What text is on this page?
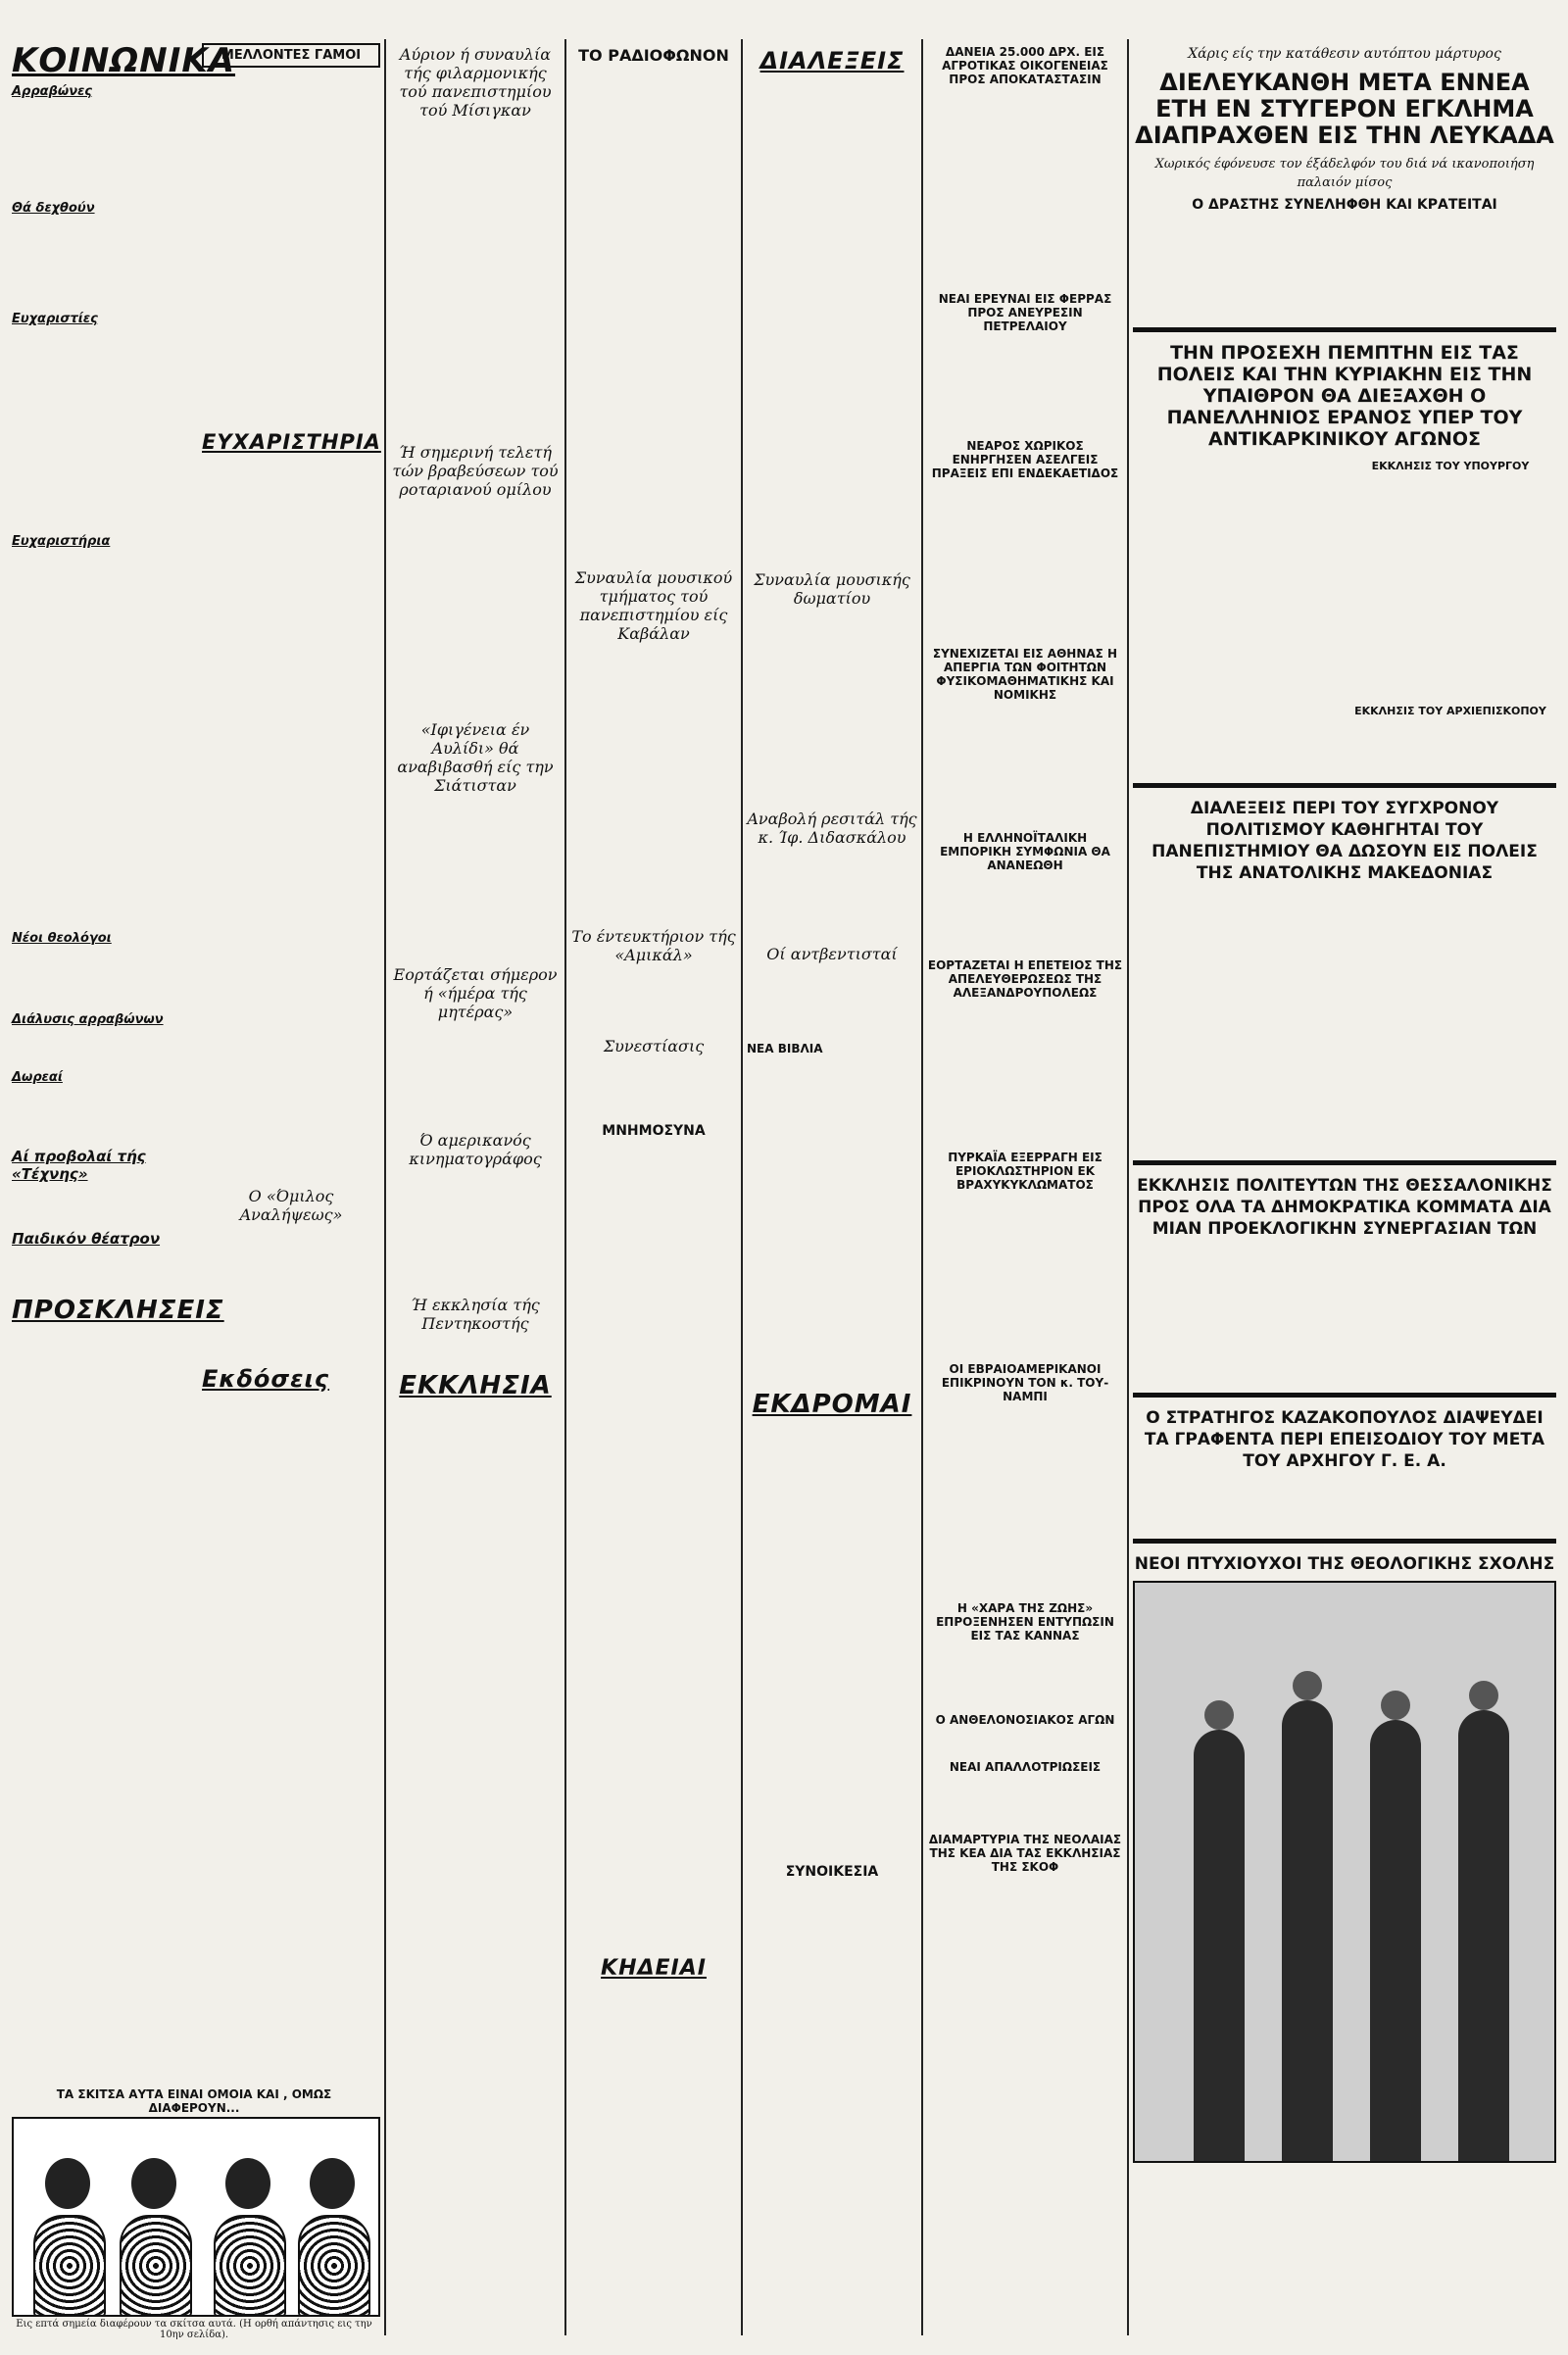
ΚΟΙΝΩΝΙΚΑ
Αρραβώνες
Θά δεχθούν
Ευχαριστίες
Ευχαριστήρια
Νέοι θεολόγοι
Διάλυσις αρραβώνων
Δωρεαί
Αί προβολαί τής «Τέχνης»
Παιδικόν θέατρον
ΠΡΟΣΚΛΗΣΕΙΣ
ΜΕΛΛΟΝΤΕΣ ΓΑΜΟΙ
ΕΥΧΑΡΙΣΤΗΡΙΑ
Ο «Όμιλος Αναλήψεως»
Εκδόσεις
ΤΑ ΣΚΙΤΣΑ ΑΥΤΑ ΕΙΝΑΙ ΟΜΟΙΑ ΚΑΙ , ΟΜΩΣ ΔΙΑΦΕΡΟΥΝ...
Εις επτά σημεία διαφέρουν τα σκίτσα αυτά. (Η ορθή απάντησις εις την 10ην σελίδα).
Αύριον ή συναυλία τής φιλαρμονικής τού πανεπιστημίου τού Μίσιγκαν
Ή σημερινή τελετή τών βραβεύσεων τού ροταριανού ομίλου
«Ιφιγένεια έν Αυλίδι» θά αναβιβασθή είς την Σιάτισταν
Εορτάζεται σήμερον ή «ήμέρα τής μητέρας»
Ό αμερικανός κινηματογράφος
Ή εκκλησία τής Πεντηκοστής
ΕΚΚΛΗΣΙΑ
ΤΟ ΡΑΔΙΟΦΩΝΟΝ
Συναυλία μουσικού τμήματος τού πανεπιστημίου είς Καβάλαν
Το έντευκτήριον τής «Αμικάλ»
Συνεστίασις
ΜΝΗΜΟΣΥΝΑ
ΚΗΔΕΙΑΙ
ΔΙΑΛΕΞΕΙΣ
Συναυλία μουσικής δωματίου
Αναβολή ρεσιτάλ τής κ. Ίφ. Διδασκάλου
Οί αντβεντισταί
ΝΕΑ ΒΙΒΛΙΑ
ΕΚΔΡΟΜΑΙ
ΣΥΝΟΙΚΕΣΙΑ
ΔΑΝΕΙΑ 25.000 ΔΡΧ. ΕΙΣ ΑΓΡΟΤΙΚΑΣ ΟΙΚΟΓΕΝΕΙΑΣ ΠΡΟΣ ΑΠΟΚΑΤΑΣΤΑΣΙΝ
ΝΕΑΙ ΕΡΕΥΝΑΙ ΕΙΣ ΦΕΡΡΑΣ ΠΡΟΣ ΑΝΕΥΡΕΣΙΝ ΠΕΤΡΕΛΑΙΟΥ
ΝΕΑΡΟΣ ΧΩΡΙΚΟΣ ΕΝΗΡΓΗΣΕΝ ΑΣΕΛΓΕΙΣ ΠΡΑΞΕΙΣ ΕΠΙ ΕΝΔΕΚΑΕΤΙΔΟΣ
ΣΥΝΕΧΙΖΕΤΑΙ ΕΙΣ ΑΘΗΝΑΣ Η ΑΠΕΡΓΙΑ ΤΩΝ ΦΟΙΤΗΤΩΝ ΦΥΣΙΚΟΜΑΘΗΜΑΤΙΚΗΣ ΚΑΙ ΝΟΜΙΚΗΣ
Η ΕΛΛΗΝΟΪΤΑΛΙΚΗ ΕΜΠΟΡΙΚΗ ΣΥΜΦΩΝΙΑ ΘΑ ΑΝΑΝΕΩΘΗ
ΕΟΡΤΑΖΕΤΑΙ Η ΕΠΕΤΕΙΟΣ ΤΗΣ ΑΠΕΛΕΥΘΕΡΩΣΕΩΣ ΤΗΣ ΑΛΕΞΑΝΔΡΟΥΠΟΛΕΩΣ
ΠΥΡΚΑΪΑ ΕΞΕΡΡΑΓΗ ΕΙΣ ΕΡΙΟΚΛΩΣΤΗΡΙΟΝ ΕΚ ΒΡΑΧΥΚΥΚΛΩΜΑΤΟΣ
ΟΙ ΕΒΡΑΙΟΑΜΕΡΙΚΑΝΟΙ ΕΠΙΚΡΙΝΟΥΝ ΤΟΝ κ. ΤΟΥ-ΝΑΜΠΙ
Η «ΧΑΡΑ ΤΗΣ ΖΩΗΣ» ΕΠΡΟΞΕΝΗΣΕΝ ΕΝΤΥΠΩΣΙΝ ΕΙΣ ΤΑΣ ΚΑΝΝΑΣ
Ο ΑΝΘΕΛΟΝΟΣΙΑΚΟΣ ΑΓΩΝ
ΝΕΑΙ ΑΠΑΛΛΟΤΡΙΩΣΕΙΣ
ΔΙΑΜΑΡΤΥΡΙΑ ΤΗΣ ΝΕΟΛΑΙΑΣ ΤΗΣ ΚΕΑ ΔΙΑ ΤΑΣ ΕΚΚΛΗΣΙΑΣ ΤΗΣ ΣΚΟΦ
Χάρις είς την κατάθεσιν αυτόπτου μάρτυρος
ΔΙΕΛΕΥΚΑΝΘΗ ΜΕΤΑ ΕΝΝΕΑ ΕΤΗ ΕΝ ΣΤΥΓΕΡΟΝ ΕΓΚΛΗΜΑ ΔΙΑΠΡΑΧΘΕΝ ΕΙΣ ΤΗΝ ΛΕΥΚΑΔΑ
Χωρικός έφόνευσε τον έξάδελφόν του διά νά ικανοποιήση παλαιόν μίσος
Ο ΔΡΑΣΤΗΣ ΣΥΝΕΛΗΦΘΗ ΚΑΙ ΚΡΑΤΕΙΤΑΙ
ΤΗΝ ΠΡΟΣΕΧΗ ΠΕΜΠΤΗΝ ΕΙΣ ΤΑΣ ΠΟΛΕΙΣ ΚΑΙ ΤΗΝ ΚΥΡΙΑΚΗΝ ΕΙΣ ΤΗΝ ΥΠΑΙΘΡΟΝ ΘΑ ΔΙΕΞΑΧΘΗ Ο ΠΑΝΕΛΛΗΝΙΟΣ ΕΡΑΝΟΣ ΥΠΕΡ ΤΟΥ ΑΝΤΙΚΑΡΚΙΝΙΚΟΥ ΑΓΩΝΟΣ
ΕΚΚΛΗΣΙΣ ΤΟΥ ΥΠΟΥΡΓΟΥ
ΕΚΚΛΗΣΙΣ ΤΟΥ ΑΡΧΙΕΠΙΣΚΟΠΟΥ
ΔΙΑΛΕΞΕΙΣ ΠΕΡΙ ΤΟΥ ΣΥΓΧΡΟΝΟΥ ΠΟΛΙΤΙΣΜΟΥ ΚΑΘΗΓΗΤΑΙ ΤΟΥ ΠΑΝΕΠΙΣΤΗΜΙΟΥ ΘΑ ΔΩΣΟΥΝ ΕΙΣ ΠΟΛΕΙΣ ΤΗΣ ΑΝΑΤΟΛΙΚΗΣ ΜΑΚΕΔΟΝΙΑΣ
ΕΚΚΛΗΣΙΣ ΠΟΛΙΤΕΥΤΩΝ ΤΗΣ ΘΕΣΣΑΛΟΝΙΚΗΣ ΠΡΟΣ ΟΛΑ ΤΑ ΔΗΜΟΚΡΑΤΙΚΑ ΚΟΜΜΑΤΑ ΔΙΑ ΜΙΑΝ ΠΡΟΕΚΛΟΓΙΚΗΝ ΣΥΝΕΡΓΑΣΙΑΝ ΤΩΝ
Ο ΣΤΡΑΤΗΓΟΣ ΚΑΖΑΚΟΠΟΥΛΟΣ ΔΙΑΨΕΥΔΕΙ ΤΑ ΓΡΑΦΕΝΤΑ ΠΕΡΙ ΕΠΕΙΣΟΔΙΟΥ ΤΟΥ ΜΕΤΑ ΤΟΥ ΑΡΧΗΓΟΥ Γ. Ε. Α.
ΝΕΟΙ ΠΤΥΧΙΟΥΧΟΙ ΤΗΣ ΘΕΟΛΟΓΙΚΗΣ ΣΧΟΛΗΣ
